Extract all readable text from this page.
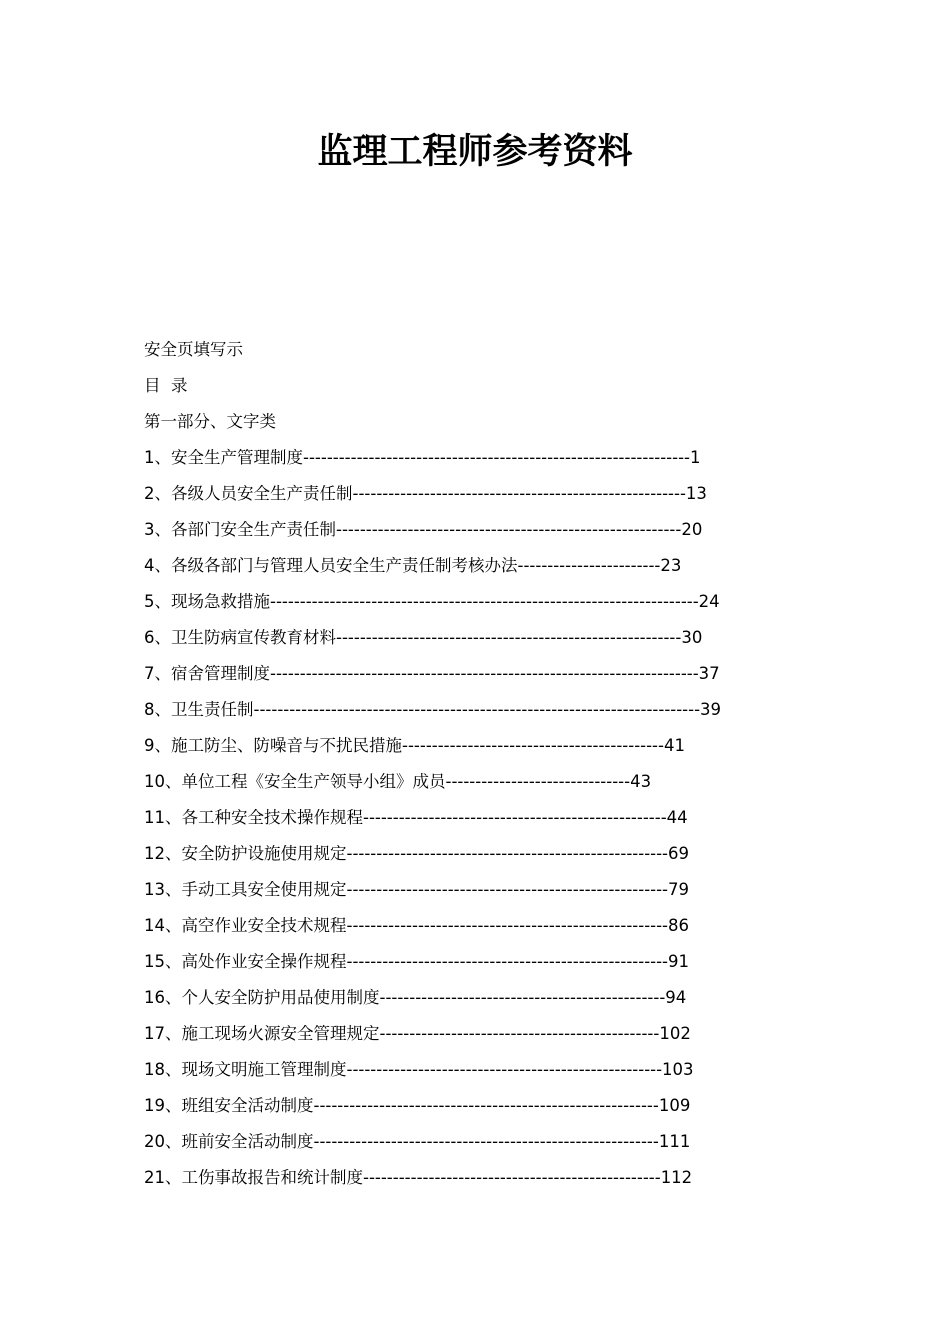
监理工程师参考资料
安全页填写示
目  录
第一部分、文字类
1、安全生产管理制度-----------------------------------------------------------------1
2、各级人员安全生产责任制--------------------------------------------------------13
3、各部门安全生产责任制----------------------------------------------------------20
4、各级各部门与管理人员安全生产责任制考核办法------------------------23
5、现场急救措施------------------------------------------------------------------------24
6、卫生防病宣传教育材料----------------------------------------------------------30
7、宿舍管理制度------------------------------------------------------------------------37
8、卫生责任制---------------------------------------------------------------------------39
9、施工防尘、防噪音与不扰民措施--------------------------------------------41
10、单位工程《安全生产领导小组》成员-------------------------------43
11、各工种安全技术操作规程---------------------------------------------------44
12、安全防护设施使用规定------------------------------------------------------69
13、手动工具安全使用规定------------------------------------------------------79
14、高空作业安全技术规程------------------------------------------------------86
15、高处作业安全操作规程------------------------------------------------------91
16、个人安全防护用品使用制度------------------------------------------------94
17、施工现场火源安全管理规定-----------------------------------------------102
18、现场文明施工管理制度-----------------------------------------------------103
19、班组安全活动制度----------------------------------------------------------109
20、班前安全活动制度----------------------------------------------------------111
21、工伤事故报告和统计制度--------------------------------------------------112
